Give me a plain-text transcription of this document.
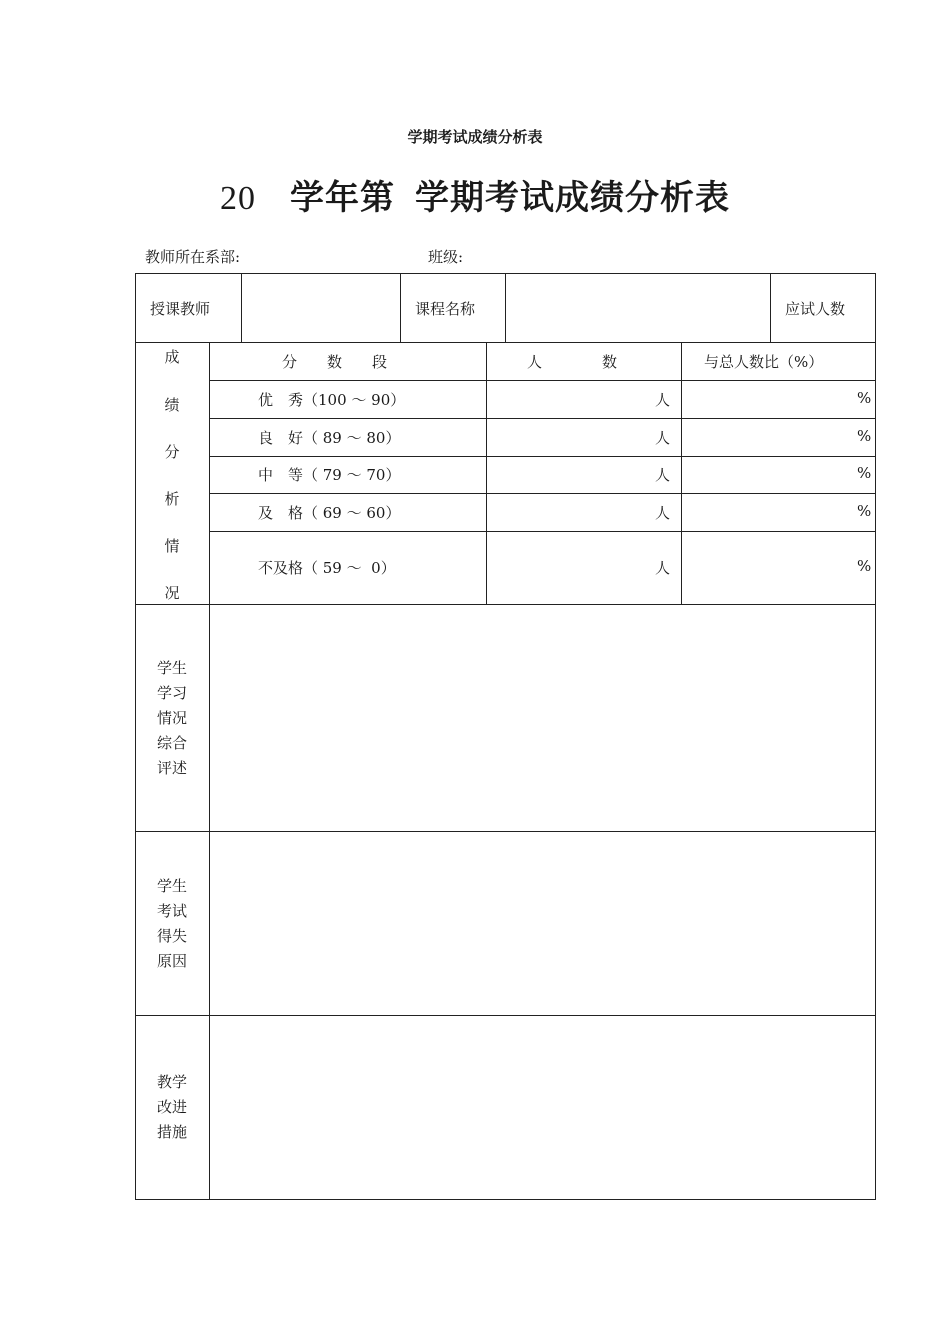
学期考试成绩分析表
20 学年第 学期考试成绩分析表
教师所在系部:	班级:
授课教师	课程名称	应试人数
成
绩
分
析
情
况
分　　数　　段	人　　　　数	与总人数比（%）
优　秀（100 ～ 90）	人	%
良　好（ 89 ～ 80）	人	%
中　等（ 79 ～ 70）	人	%
及　格（ 69 ～ 60）	人	%
不及格（ 59 ～  0）	人	%
学生
学习
情况
综合
评述
学生
考试
得失
原因
教学
改进
措施
